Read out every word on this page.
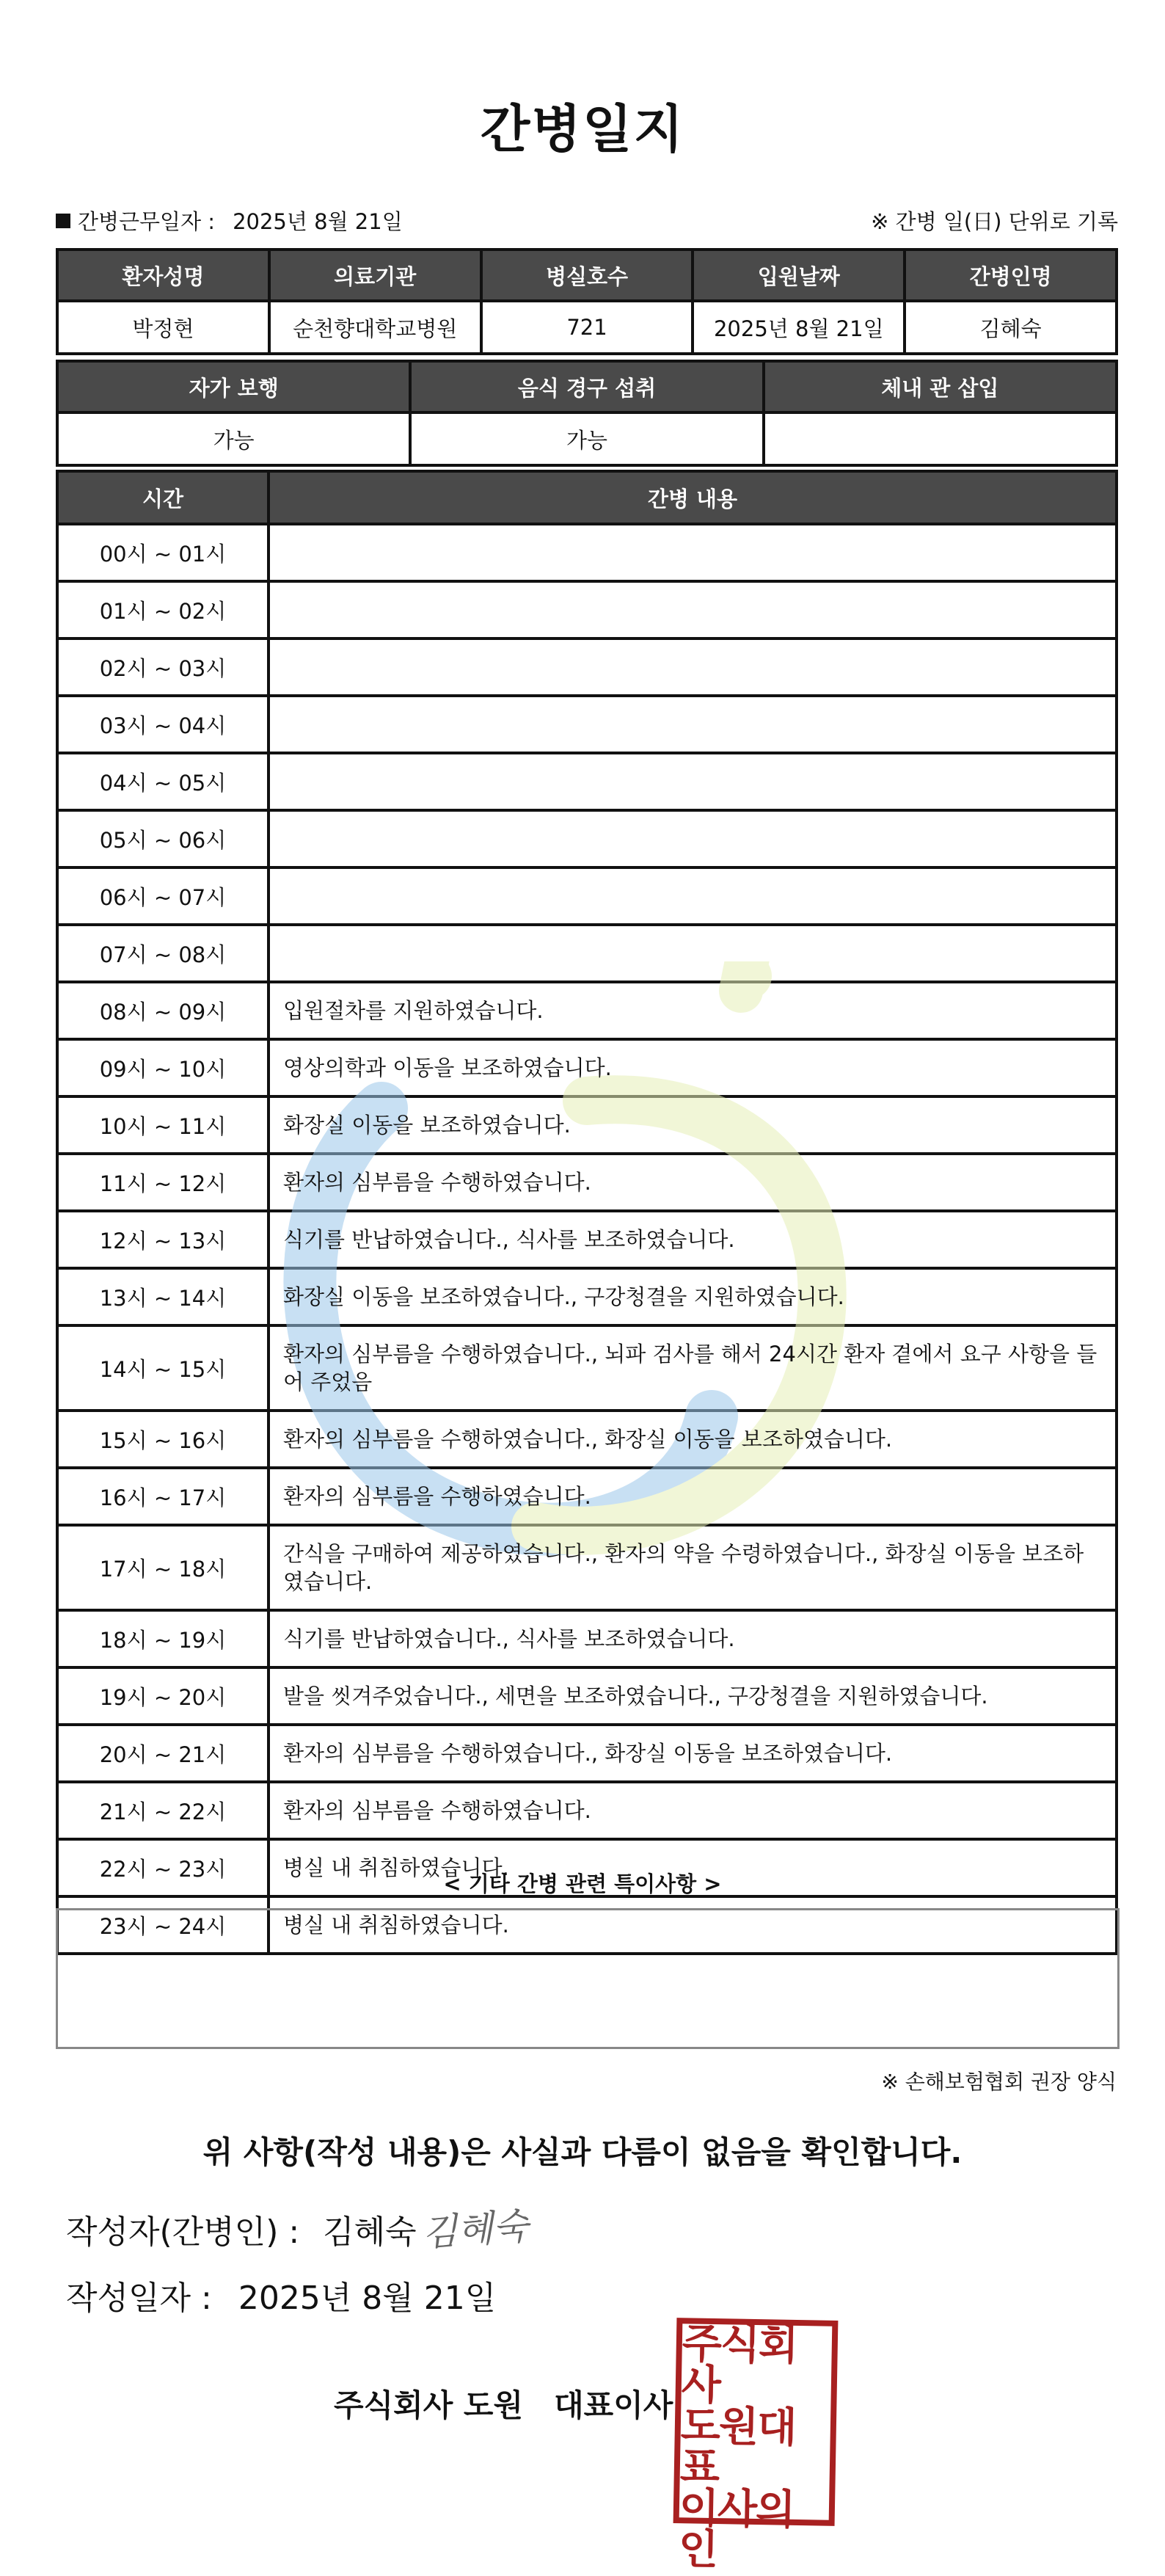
간병일지
간병근무일자 : 2025년 8월 21일	※ 간병 일(日) 단위로 기록
환자성명	의료기관	병실호수	입원날짜	간병인명
박정현	순천향대학교병원	721	2025년 8월 21일	김혜숙
자가 보행	음식 경구 섭취	체내 관 삽입
가능	가능	
시간	간병 내용
00시 ~ 01시	
01시 ~ 02시	
02시 ~ 03시	
03시 ~ 04시	
04시 ~ 05시	
05시 ~ 06시	
06시 ~ 07시	
07시 ~ 08시	
08시 ~ 09시	입원절차를 지원하였습니다.
09시 ~ 10시	영상의학과 이동을 보조하였습니다.
10시 ~ 11시	화장실 이동을 보조하였습니다.
11시 ~ 12시	환자의 심부름을 수행하였습니다.
12시 ~ 13시	식기를 반납하였습니다., 식사를 보조하였습니다.
13시 ~ 14시	화장실 이동을 보조하였습니다., 구강청결을 지원하였습니다.
14시 ~ 15시	환자의 심부름을 수행하였습니다., 뇌파 검사를 해서 24시간 환자 곁에서 요구 사항을 들어 주었음
15시 ~ 16시	환자의 심부름을 수행하였습니다., 화장실 이동을 보조하였습니다.
16시 ~ 17시	환자의 심부름을 수행하였습니다.
17시 ~ 18시	간식을 구매하여 제공하였습니다., 환자의 약을 수령하였습니다., 화장실 이동을 보조하였습니다.
18시 ~ 19시	식기를 반납하였습니다., 식사를 보조하였습니다.
19시 ~ 20시	발을 씻겨주었습니다., 세면을 보조하였습니다., 구강청결을 지원하였습니다.
20시 ~ 21시	환자의 심부름을 수행하였습니다., 화장실 이동을 보조하였습니다.
21시 ~ 22시	환자의 심부름을 수행하였습니다.
22시 ~ 23시	병실 내 취침하였습니다.
23시 ~ 24시	병실 내 취침하였습니다.
< 기타 간병 관련 특이사항 >
※ 손해보험협회 권장 양식
위 사항(작성 내용)은 사실과 다름이 없음을 확인합니다.
작성자(간병인) : 김혜숙 김혜숙
작성일자 : 2025년 8월 21일
주식회사 도원 대표이사
주식회사
도원대표
이사의인
